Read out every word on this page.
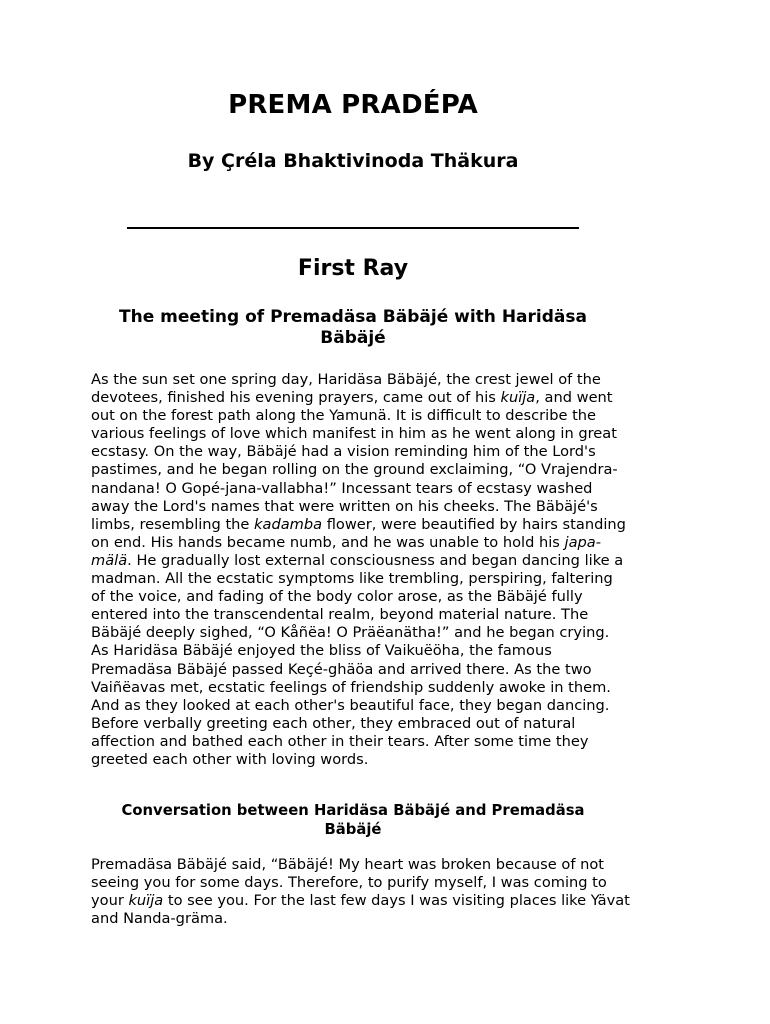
PREMA PRADÉPA
By Çréla Bhaktivinoda Thäkura
First Ray
The meeting of Premadäsa Bäbäjé with Haridäsa Bäbäjé

As the sun set one spring day, Haridäsa Bäbäjé, the crest jewel of the devotees, finished his evening prayers, came out of his kuïja, and went out on the forest path along the Yamunä. It is difficult to describe the various feelings of love which manifest in him as he went along in great ecstasy. On the way, Bäbäjé had a vision reminding him of the Lord's pastimes, and he began rolling on the ground exclaiming, “O Vrajendra-nandana! O Gopé-jana-vallabha!” Incessant tears of ecstasy washed away the Lord's names that were written on his cheeks. The Bäbäjé's limbs, resembling the kadamba flower, were beautified by hairs standing on end. His hands became numb, and he was unable to hold his japa-mälä. He gradually lost external consciousness and began dancing like a madman. All the ecstatic symptoms like trembling, perspiring, faltering of the voice, and fading of the body color arose, as the Bäbäjé fully entered into the transcendental realm, beyond material nature. The Bäbäjé deeply sighed, “O Kåñëa! O Präëanätha!” and he began crying. As Haridäsa Bäbäjé enjoyed the bliss of Vaikuëöha, the famous Premadäsa Bäbäjé passed Keçé-ghäöa and arrived there. As the two Vaiñëavas met, ecstatic feelings of friendship suddenly awoke in them. And as they looked at each other's beautiful face, they began dancing. Before verbally greeting each other, they embraced out of natural affection and bathed each other in their tears. After some time they greeted each other with loving words.

Conversation between Haridäsa Bäbäjé and Premadäsa Bäbäjé

Premadäsa Bäbäjé said, “Bäbäjé! My heart was broken because of not seeing you for some days. Therefore, to purify myself, I was coming to your kuïja to see you. For the last few days I was visiting places like Yävat and Nanda-grämа.
